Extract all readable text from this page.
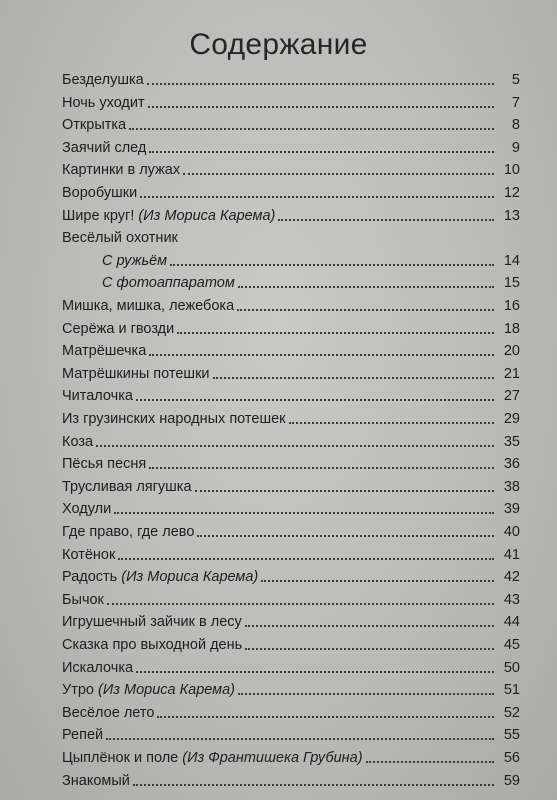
Содержание
Безделушка	5
Ночь уходит	7
Открытка	8
Заячий след	9
Картинки в лужах	10
Воробушки	12
Шире круг! (Из Мориса Карема)	13
Весёлый охотник
С ружьём	14
С фотоаппаратом	15
Мишка, мишка, лежебока	16
Серёжа и гвозди	18
Матрёшечка	20
Матрёшкины потешки	21
Читалочка	27
Из грузинских народных потешек	29
Коза	35
Пёсья песня	36
Трусливая лягушка	38
Ходули	39
Где право, где лево	40
Котёнок	41
Радость (Из Мориса Карема)	42
Бычок	43
Игрушечный зайчик в лесу	44
Сказка про выходной день	45
Искалочка	50
Утро (Из Мориса Карема)	51
Весёлое лето	52
Репей	55
Цыплёнок и поле (Из Франтишека Грубина)	56
Знакомый	59
